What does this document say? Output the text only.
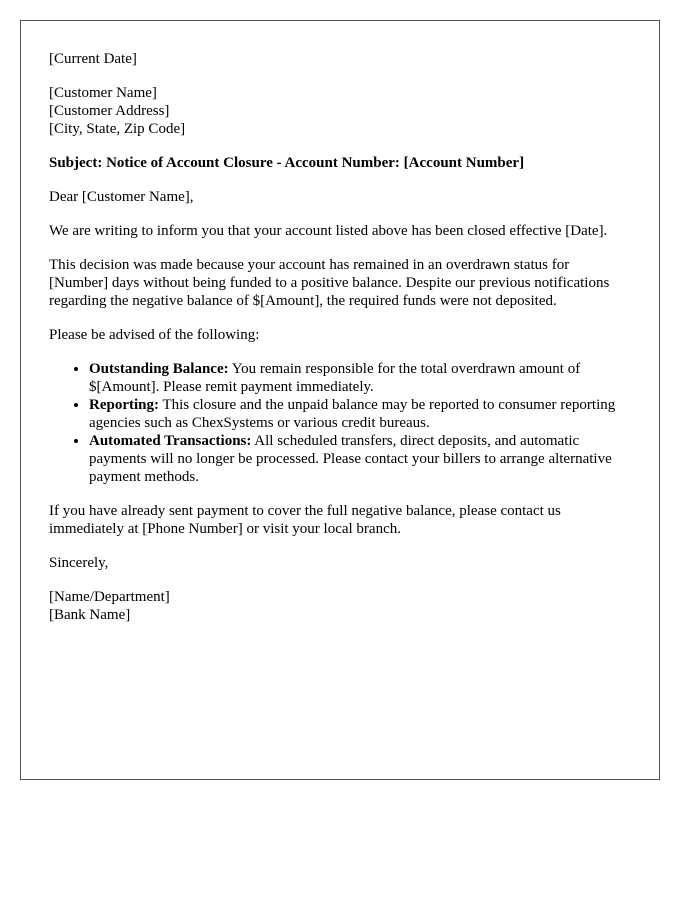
[Current Date]

[Customer Name]
[Customer Address]
[City, State, Zip Code]

Subject: Notice of Account Closure - Account Number: [Account Number]

Dear [Customer Name],

We are writing to inform you that your account listed above has been closed effective [Date].

This decision was made because your account has remained in an overdrawn status for [Number] days without being funded to a positive balance. Despite our previous notifications regarding the negative balance of $[Amount], the required funds were not deposited.

Please be advised of the following:

• Outstanding Balance: You remain responsible for the total overdrawn amount of $[Amount]. Please remit payment immediately.
• Reporting: This closure and the unpaid balance may be reported to consumer reporting agencies such as ChexSystems or various credit bureaus.
• Automated Transactions: All scheduled transfers, direct deposits, and automatic payments will no longer be processed. Please contact your billers to arrange alternative payment methods.

If you have already sent payment to cover the full negative balance, please contact us immediately at [Phone Number] or visit your local branch.

Sincerely,

[Name/Department]
[Bank Name]
